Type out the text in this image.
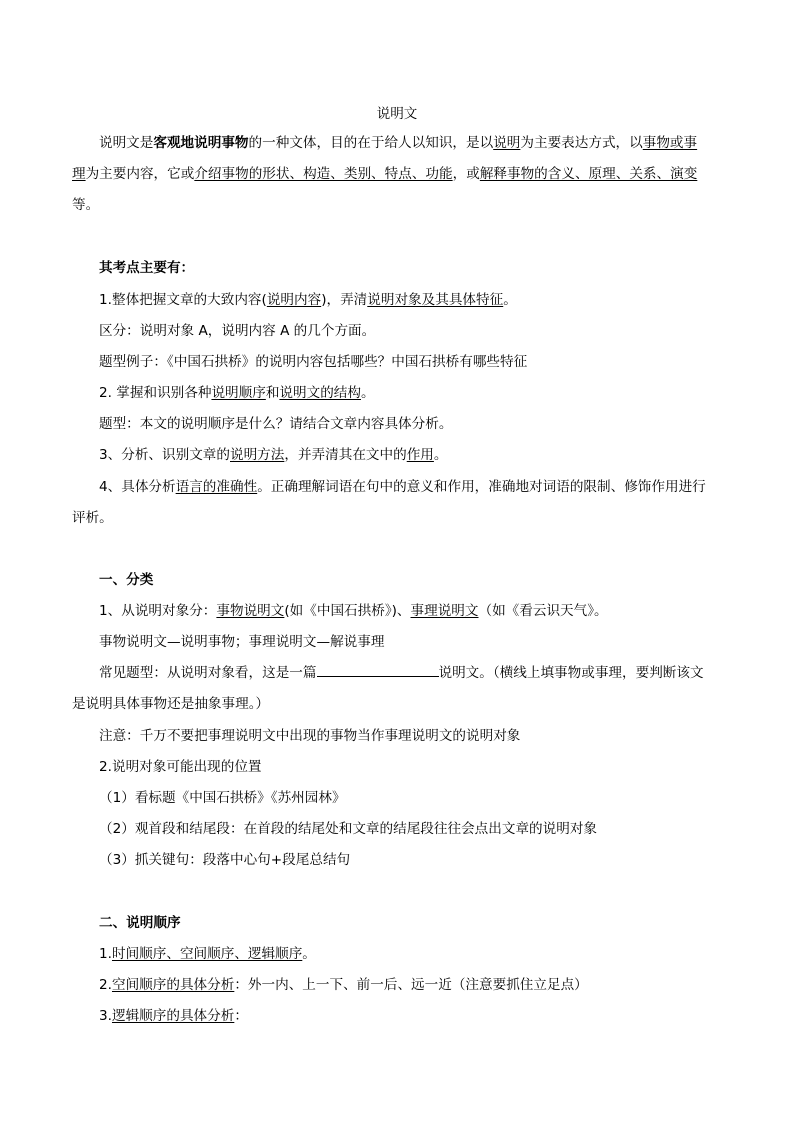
说明文

说明文是客观地说明事物的一种文体，目的在于给人以知识，是以说明为主要表达方式，以事物或事

理为主要内容，它或介绍事物的形状、构造、类别、特点、功能，或解释事物的含义、原理、关系、演变

等。

其考点主要有：

1.整体把握文章的大致内容(说明内容)，弄清说明对象及其具体特征。

区分：说明对象 A，说明内容 A 的几个方面。

题型例子：《中国石拱桥》的说明内容包括哪些？中国石拱桥有哪些特征

2. 掌握和识别各种说明顺序和说明文的结构。

题型：本文的说明顺序是什么？请结合文章内容具体分析。

3、分析、识别文章的说明方法，并弄清其在文中的作用。

4、具体分析语言的准确性。正确理解词语在句中的意义和作用，准确地对词语的限制、修饰作用进行

评析。

一、分类

1、从说明对象分：事物说明文(如《中国石拱桥》)、事理说明文（如《看云识天气》。

事物说明文—说明事物；事理说明文—解说事理

常见题型：从说明对象看，这是一篇	说明文。（横线上填事物或事理，要判断该文

是说明具体事物还是抽象事理。）

注意：千万不要把事理说明文中出现的事物当作事理说明文的说明对象

2.说明对象可能出现的位置

（1）看标题《中国石拱桥》《苏州园林》

（2）观首段和结尾段：在首段的结尾处和文章的结尾段往往会点出文章的说明对象

（3）抓关键句：段落中心句+段尾总结句

二、说明顺序

1.时间顺序、空间顺序、逻辑顺序。

2.空间顺序的具体分析：外一内、上一下、前一后、远一近（注意要抓住立足点）

3.逻辑顺序的具体分析：
